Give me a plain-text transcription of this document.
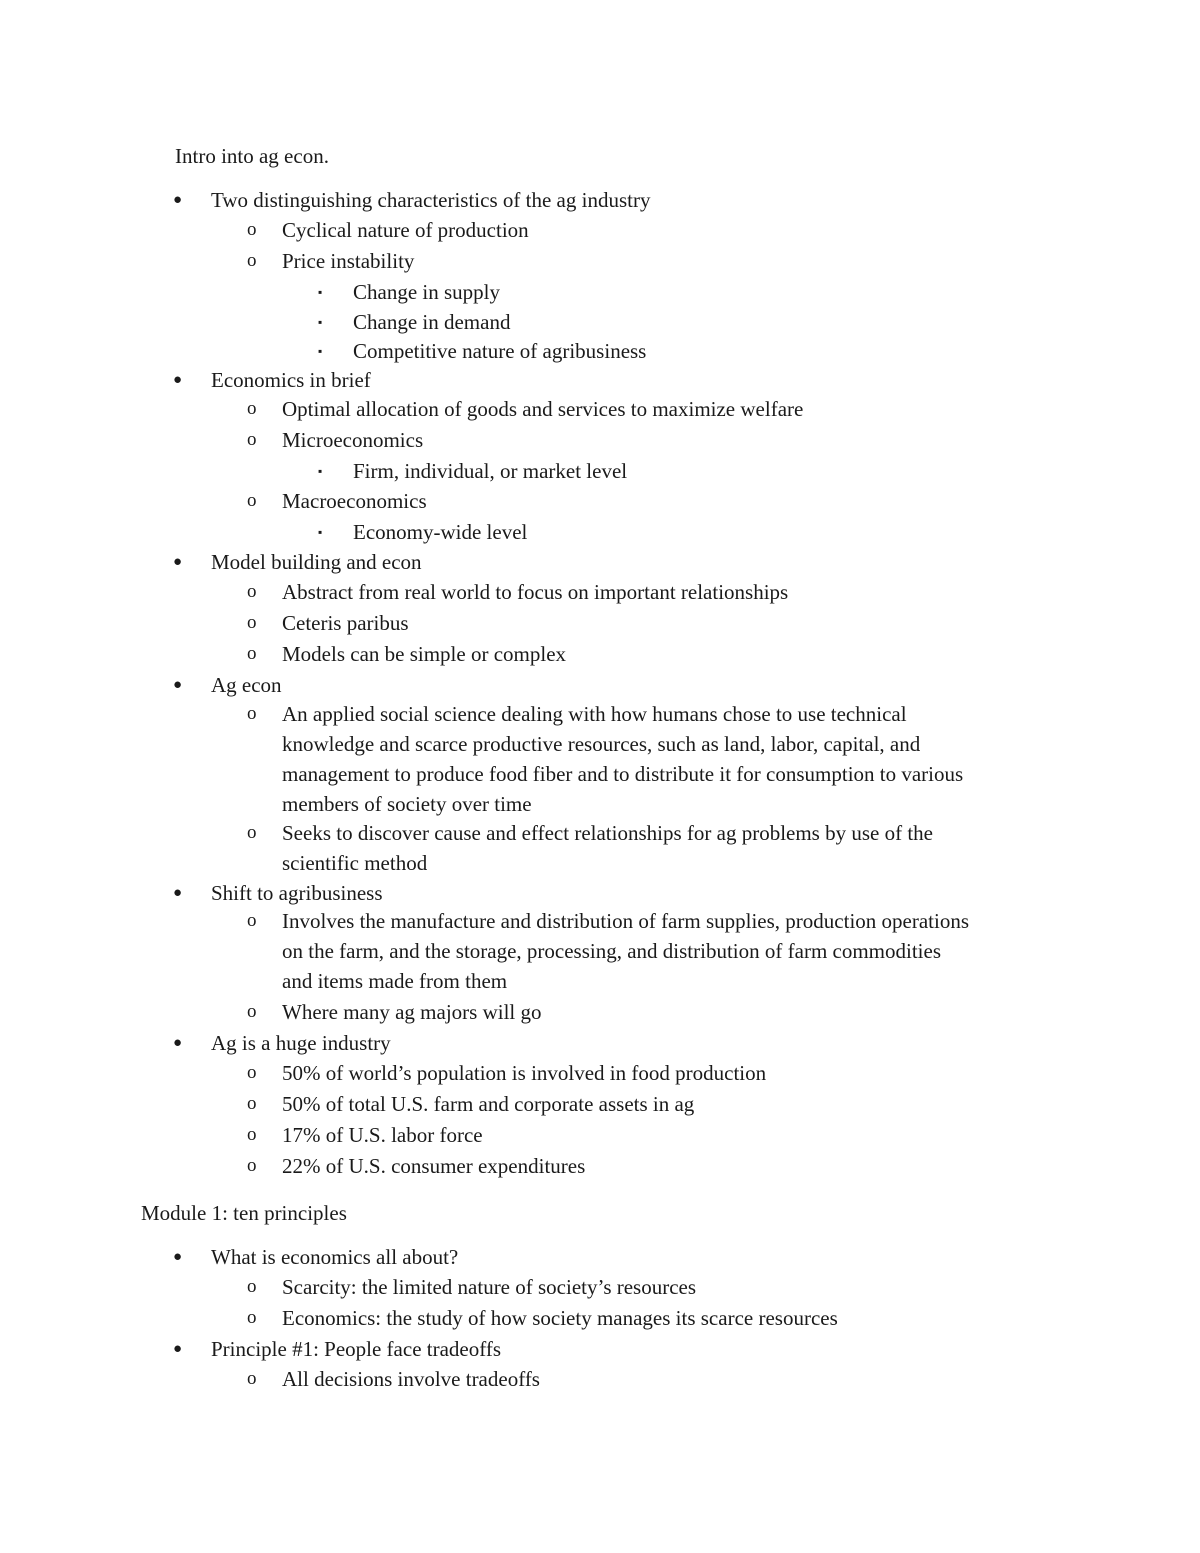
Intro into ag econ.
● Two distinguishing characteristics of the ag industry
o Cyclical nature of production
o Price instability
▪ Change in supply
▪ Change in demand
▪ Competitive nature of agribusiness
● Economics in brief
o Optimal allocation of goods and services to maximize welfare
o Microeconomics
▪ Firm, individual, or market level
o Macroeconomics
▪ Economy-wide level
● Model building and econ
o Abstract from real world to focus on important relationships
o Ceteris paribus
o Models can be simple or complex
● Ag econ
o An applied social science dealing with how humans chose to use technical
knowledge and scarce productive resources, such as land, labor, capital, and
management to produce food fiber and to distribute it for consumption to various
members of society over time
o Seeks to discover cause and effect relationships for ag problems by use of the
scientific method
● Shift to agribusiness
o Involves the manufacture and distribution of farm supplies, production operations
on the farm, and the storage, processing, and distribution of farm commodities
and items made from them
o Where many ag majors will go
● Ag is a huge industry
o 50% of world’s population is involved in food production
o 50% of total U.S. farm and corporate assets in ag
o 17% of U.S. labor force
o 22% of U.S. consumer expenditures
Module 1: ten principles
● What is economics all about?
o Scarcity: the limited nature of society’s resources
o Economics: the study of how society manages its scarce resources
● Principle #1: People face tradeoffs
o All decisions involve tradeoffs
